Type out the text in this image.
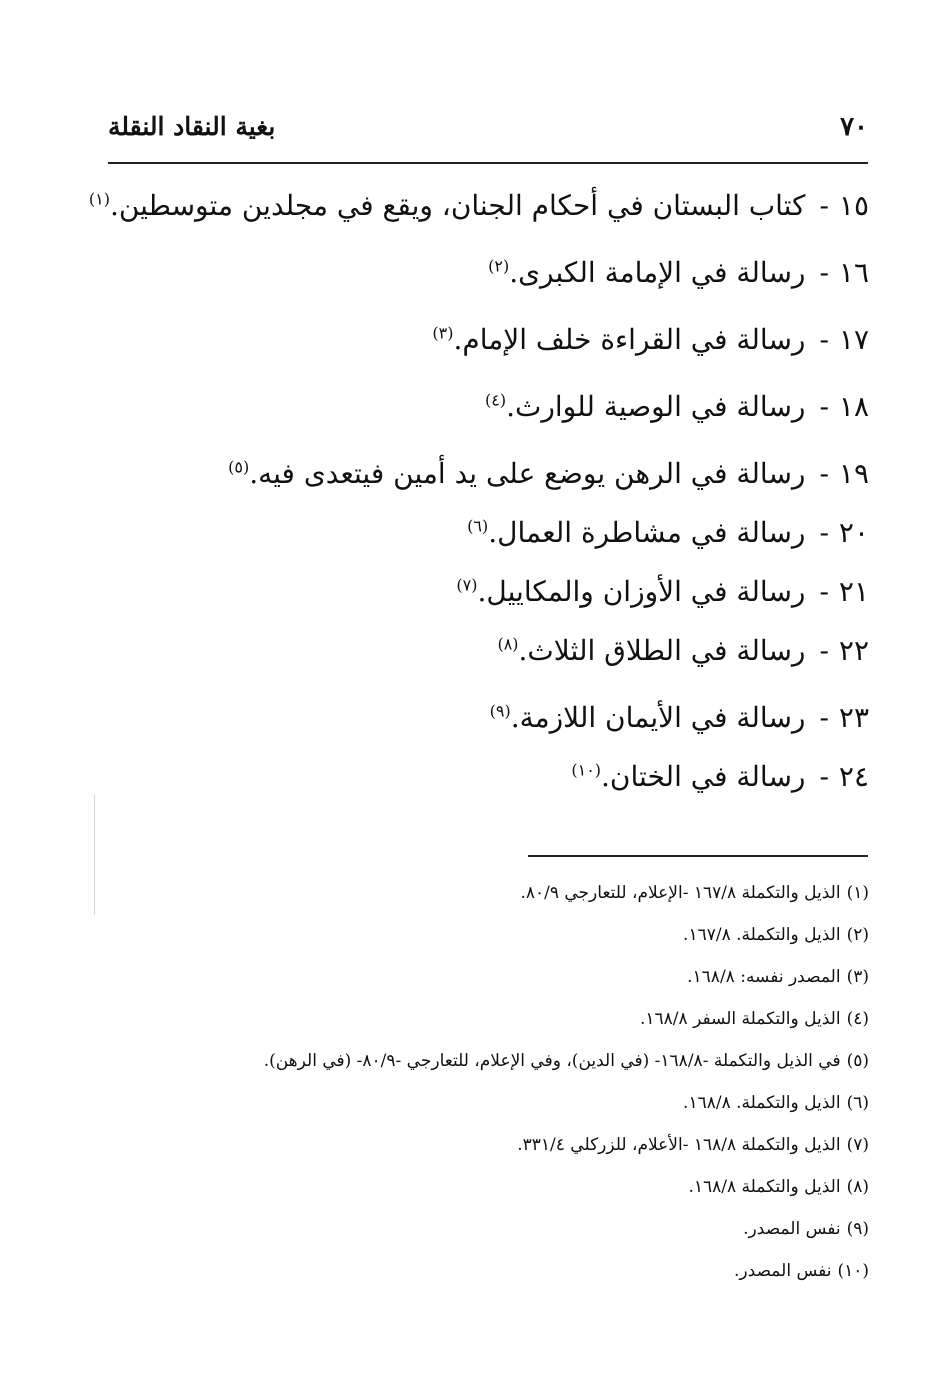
٧٠
بغية النقاد النقلة
١٥-كتاب البستان في أحكام الجنان، ويقع في مجلدين متوسطين.$^{(١)}$
١٦-رسالة في الإمامة الكبرى.$^{(٢)}$
١٧-رسالة في القراءة خلف الإمام.$^{(٣)}$
١٨-رسالة في الوصية للوارث.$^{(٤)}$
١٩-رسالة في الرهن يوضع على يد أمين فيتعدى فيه.$^{(٥)}$
٢٠-رسالة في مشاطرة العمال.$^{(٦)}$
٢١-رسالة في الأوزان والمكاييل.$^{(٧)}$
٢٢-رسالة في الطلاق الثلاث.$^{(٨)}$
٢٣-رسالة في الأيمان اللازمة.$^{(٩)}$
٢٤-رسالة في الختان.$^{(١٠)}$
(١)الذيل والتكملة ١٦٧/٨ -الإعلام، للتعارجي ٨٠/٩.
(٢)الذيل والتكملة. ١٦٧/٨.
(٣)المصدر نفسه: ١٦٨/٨.
(٤)الذيل والتكملة السفر ١٦٨/٨.
(٥)في الذيل والتكملة -١٦٨/٨- (في الدين)، وفي الإعلام، للتعارجي -٨٠/٩- (في الرهن).
(٦)الذيل والتكملة. ١٦٨/٨.
(٧)الذيل والتكملة ١٦٨/٨ -الأعلام، للزركلي ٣٣١/٤.
(٨)الذيل والتكملة ١٦٨/٨.
(٩)نفس المصدر.
(١٠)نفس المصدر.
